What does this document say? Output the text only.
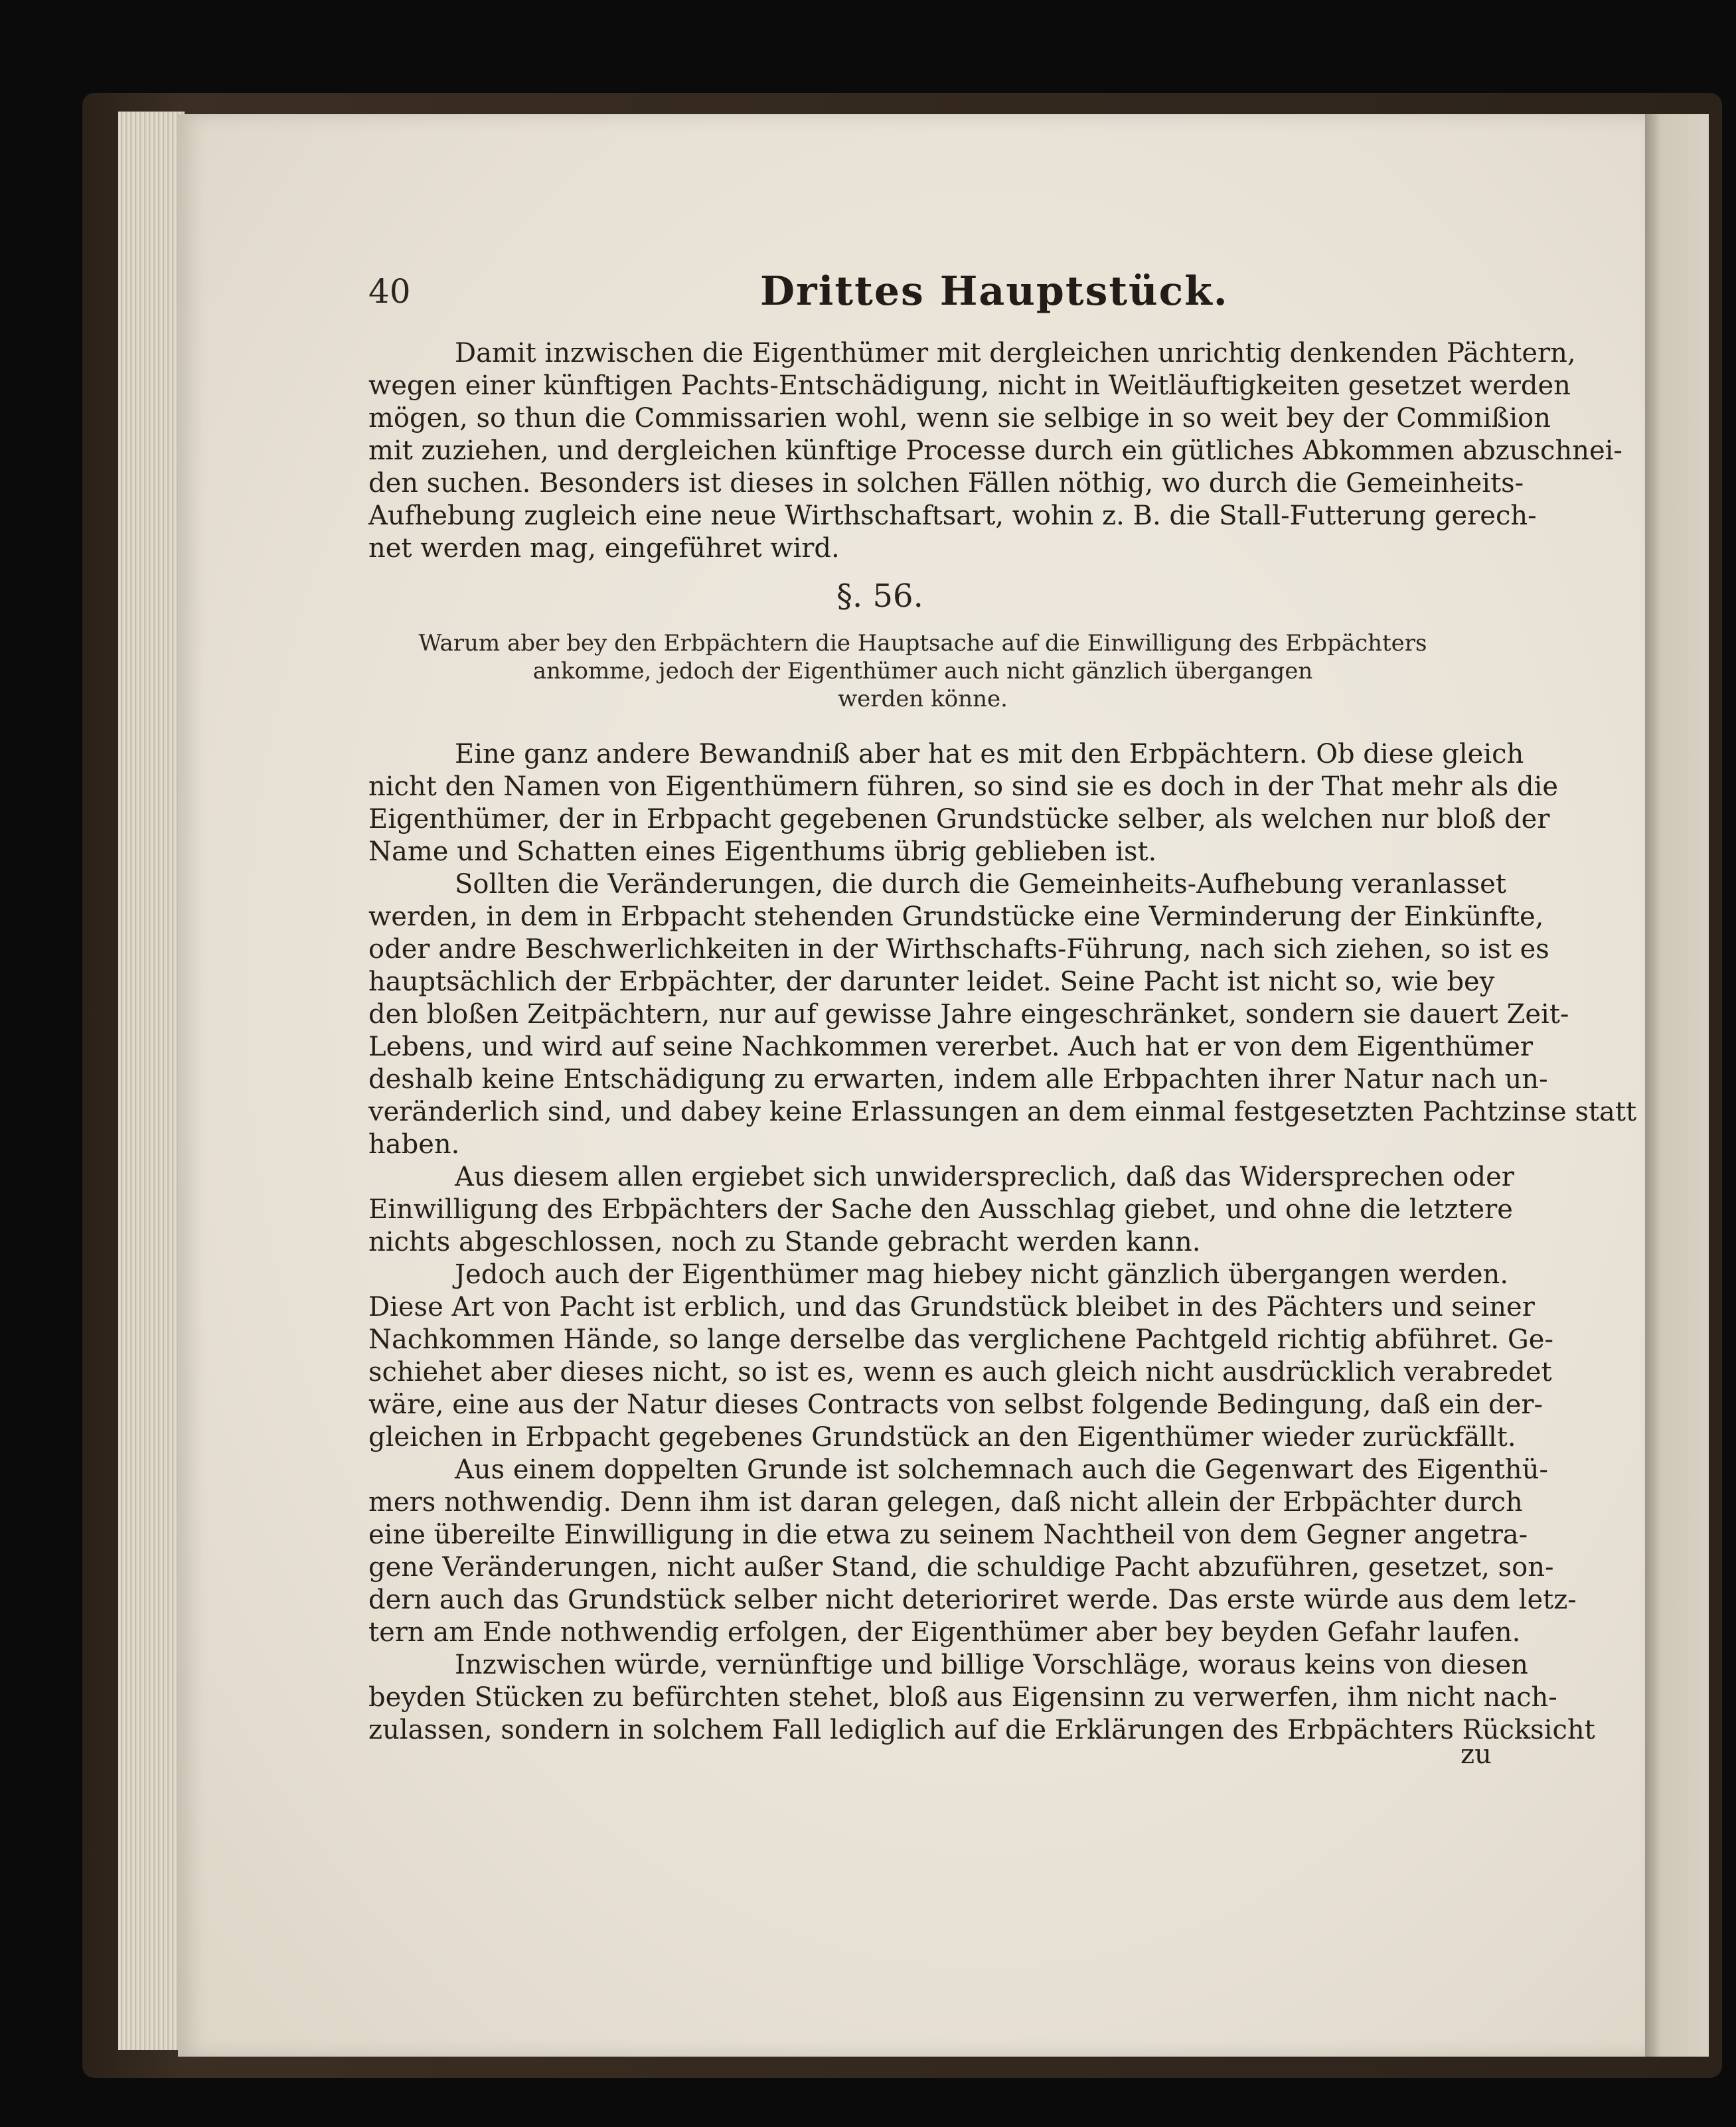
40	Drittes Hauptstück.
Damit inzwischen die Eigenthümer mit dergleichen unrichtig denkenden Pächtern,
wegen einer künftigen Pachts-Entschädigung, nicht in Weitläuftigkeiten gesetzet werden
mögen, so thun die Commissarien wohl, wenn sie selbige in so weit bey der Commißion
mit zuziehen, und dergleichen künftige Processe durch ein gütliches Abkommen abzuschnei-
den suchen. Besonders ist dieses in solchen Fällen nöthig, wo durch die Gemeinheits-
Aufhebung zugleich eine neue Wirthschaftsart, wohin z. B. die Stall-Futterung gerech-
net werden mag, eingeführet wird.
§. 56.
Warum aber bey den Erbpächtern die Hauptsache auf die Einwilligung des Erbpächters
ankomme, jedoch der Eigenthümer auch nicht gänzlich übergangen
werden könne.
Eine ganz andere Bewandniß aber hat es mit den Erbpächtern. Ob diese gleich
nicht den Namen von Eigenthümern führen, so sind sie es doch in der That mehr als die
Eigenthümer, der in Erbpacht gegebenen Grundstücke selber, als welchen nur bloß der
Name und Schatten eines Eigenthums übrig geblieben ist.
Sollten die Veränderungen, die durch die Gemeinheits-Aufhebung veranlasset
werden, in dem in Erbpacht stehenden Grundstücke eine Verminderung der Einkünfte,
oder andre Beschwerlichkeiten in der Wirthschafts-Führung, nach sich ziehen, so ist es
hauptsächlich der Erbpächter, der darunter leidet. Seine Pacht ist nicht so, wie bey
den bloßen Zeitpächtern, nur auf gewisse Jahre eingeschränket, sondern sie dauert Zeit-
Lebens, und wird auf seine Nachkommen vererbet. Auch hat er von dem Eigenthümer
deshalb keine Entschädigung zu erwarten, indem alle Erbpachten ihrer Natur nach un-
veränderlich sind, und dabey keine Erlassungen an dem einmal festgesetzten Pachtzinse statt
haben.
Aus diesem allen ergiebet sich unwiderspreclich, daß das Widersprechen oder
Einwilligung des Erbpächters der Sache den Ausschlag giebet, und ohne die letztere
nichts abgeschlossen, noch zu Stande gebracht werden kann.
Jedoch auch der Eigenthümer mag hiebey nicht gänzlich übergangen werden.
Diese Art von Pacht ist erblich, und das Grundstück bleibet in des Pächters und seiner
Nachkommen Hände, so lange derselbe das verglichene Pachtgeld richtig abführet. Ge-
schiehet aber dieses nicht, so ist es, wenn es auch gleich nicht ausdrücklich verabredet
wäre, eine aus der Natur dieses Contracts von selbst folgende Bedingung, daß ein der-
gleichen in Erbpacht gegebenes Grundstück an den Eigenthümer wieder zurückfällt.
Aus einem doppelten Grunde ist solchemnach auch die Gegenwart des Eigenthü-
mers nothwendig. Denn ihm ist daran gelegen, daß nicht allein der Erbpächter durch
eine übereilte Einwilligung in die etwa zu seinem Nachtheil von dem Gegner angetra-
gene Veränderungen, nicht außer Stand, die schuldige Pacht abzuführen, gesetzet, son-
dern auch das Grundstück selber nicht deterioriret werde. Das erste würde aus dem letz-
tern am Ende nothwendig erfolgen, der Eigenthümer aber bey beyden Gefahr laufen.
Inzwischen würde, vernünftige und billige Vorschläge, woraus keins von diesen
beyden Stücken zu befürchten stehet, bloß aus Eigensinn zu verwerfen, ihm nicht nach-
zulassen, sondern in solchem Fall lediglich auf die Erklärungen des Erbpächters Rücksicht
zu
